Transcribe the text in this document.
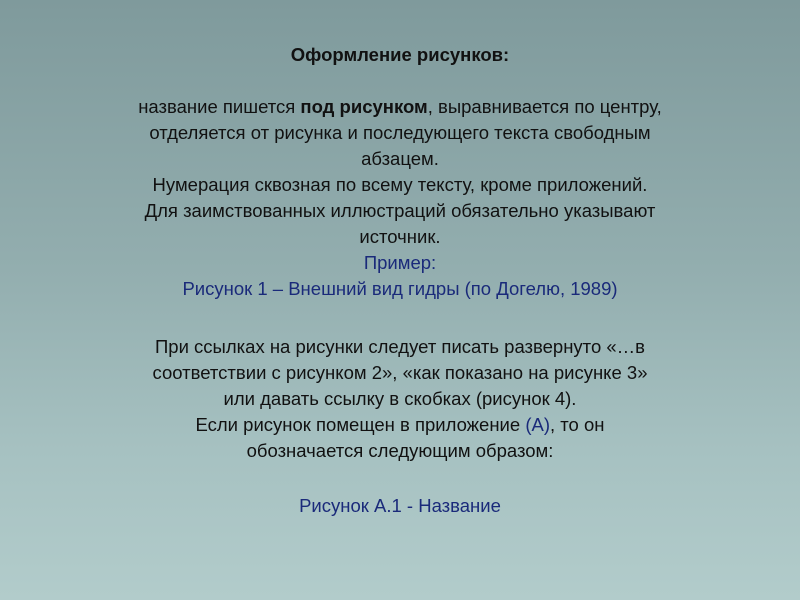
Оформление рисунков:
название пишется под рисунком, выравнивается по центру,
отделяется от рисунка и последующего текста свободным
абзацем.
Нумерация сквозная по всему тексту, кроме приложений.
Для заимствованных иллюстраций обязательно указывают
источник.
Пример:
Рисунок 1 – Внешний вид гидры (по Догелю, 1989)
При ссылках на рисунки следует писать развернуто «…в
соответствии с рисунком 2», «как показано на рисунке 3»
или давать ссылку в скобках (рисунок 4).
Если рисунок помещен в приложение (А), то он
обозначается следующим образом:
Рисунок А.1 - Название
